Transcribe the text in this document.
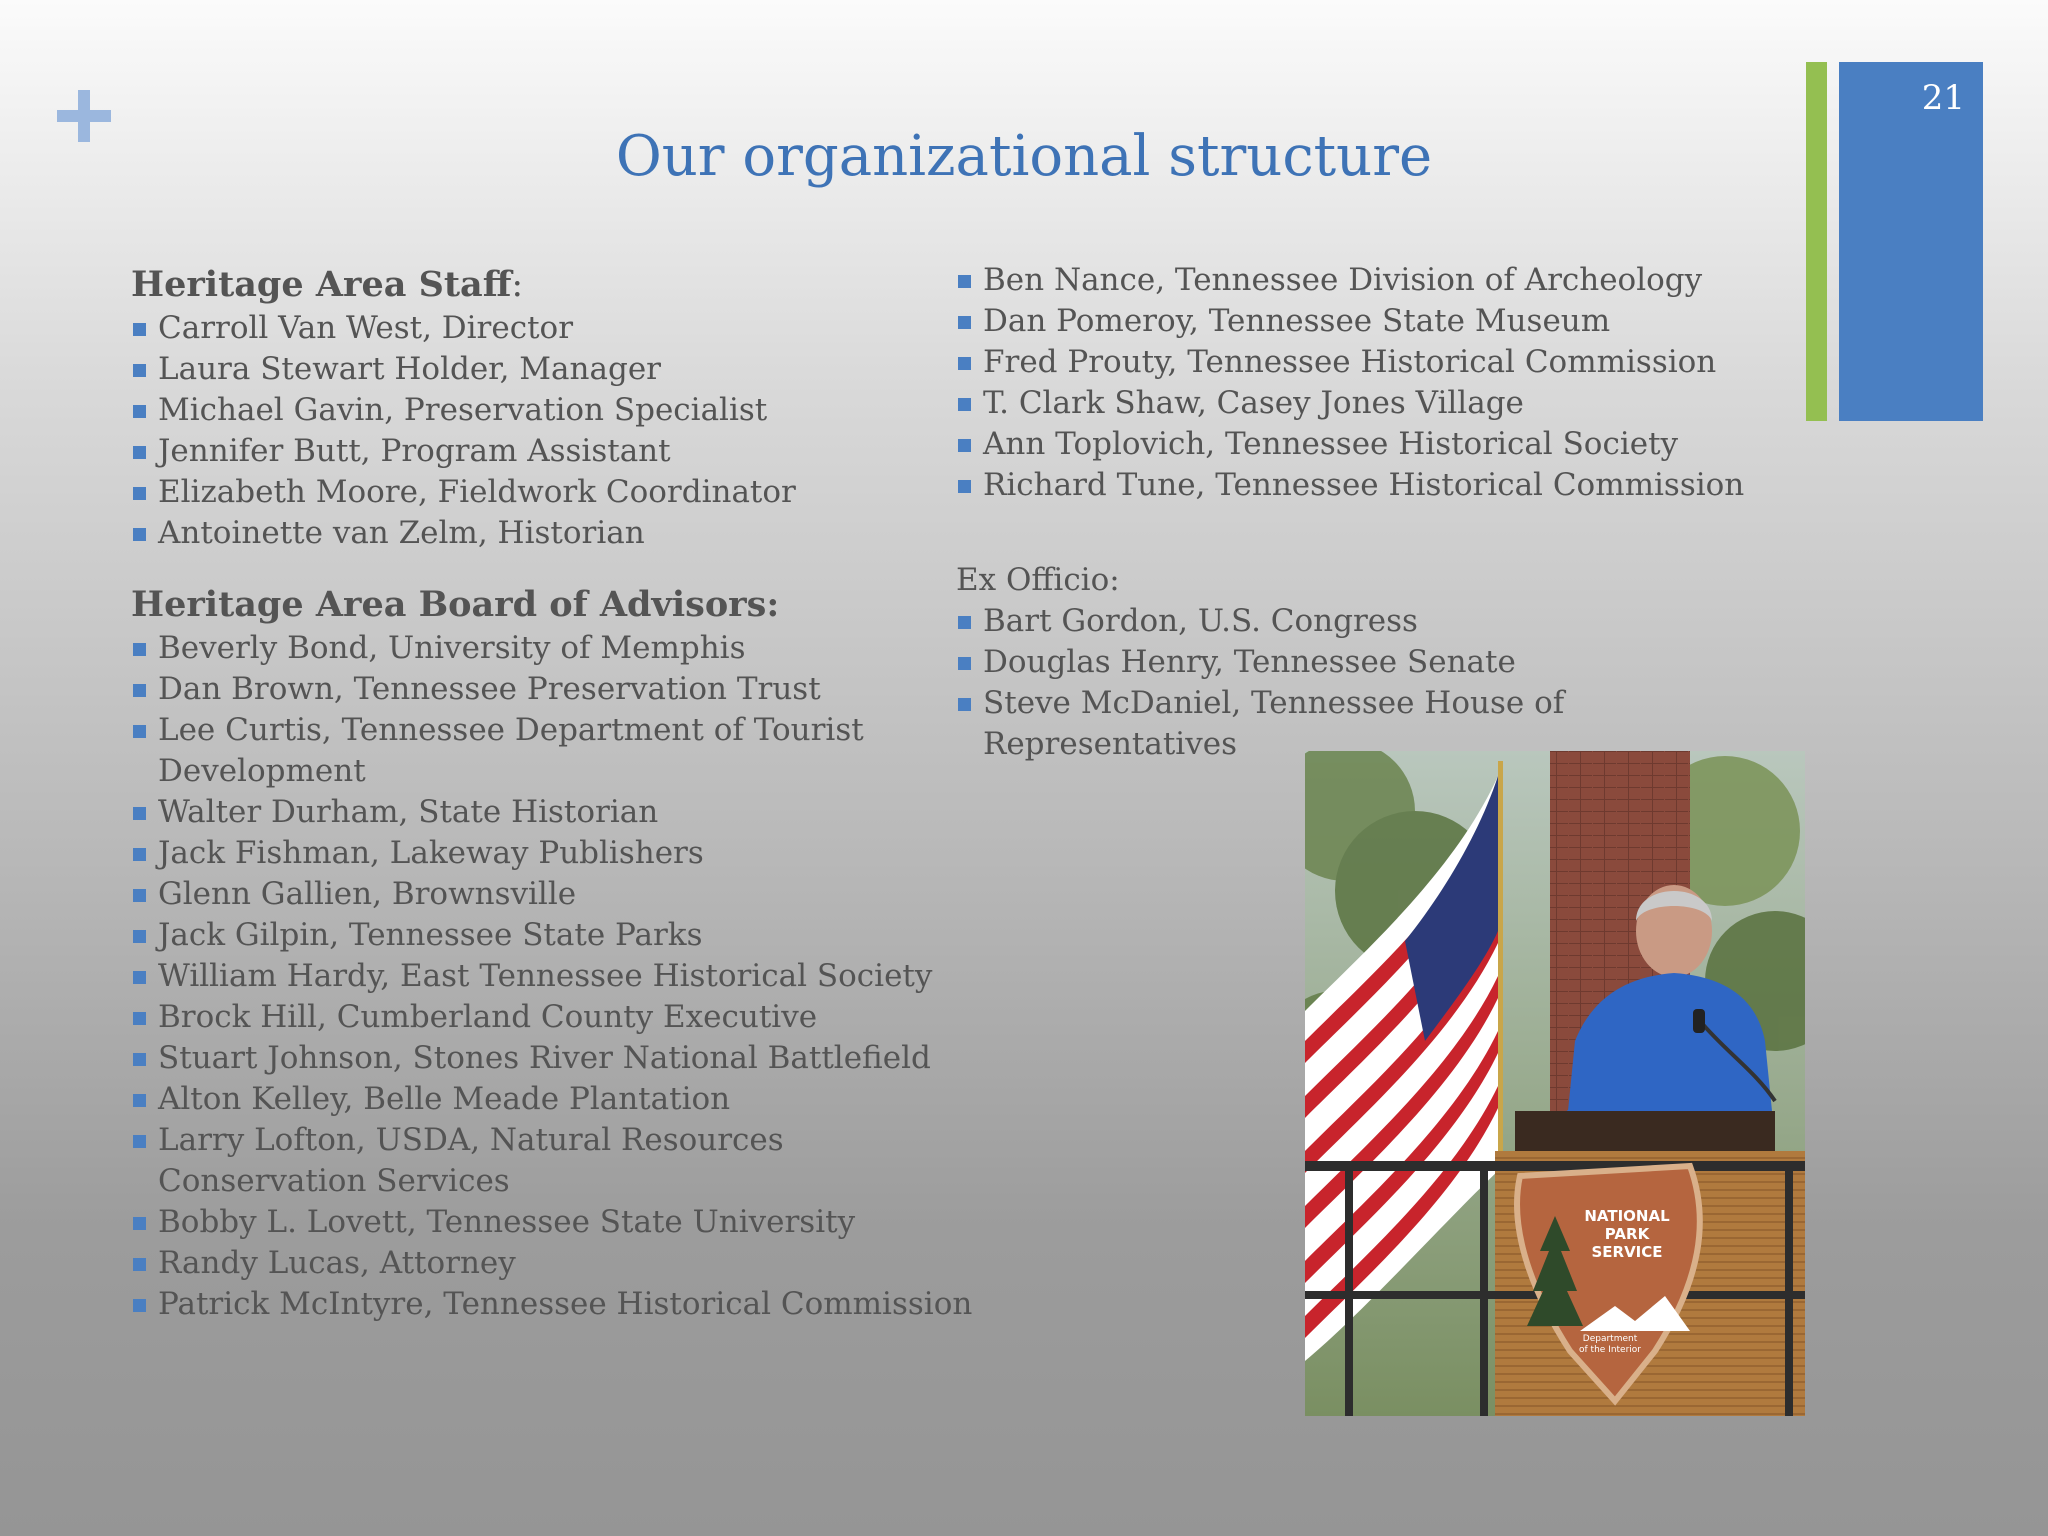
21
Our organizational structure
Heritage Area Staff:
Carroll Van West, Director
Laura Stewart Holder, Manager
Michael Gavin, Preservation Specialist
Jennifer Butt, Program Assistant
Elizabeth Moore, Fieldwork Coordinator
Antoinette van Zelm, Historian
Heritage Area Board of Advisors:
Beverly Bond, University of Memphis
Dan Brown, Tennessee Preservation Trust
Lee Curtis, Tennessee Department of Tourist Development
Walter Durham, State Historian
Jack Fishman, Lakeway Publishers
Glenn Gallien, Brownsville
Jack Gilpin, Tennessee State Parks
William Hardy, East Tennessee Historical Society
Brock Hill, Cumberland County Executive
Stuart Johnson, Stones River National Battlefield
Alton Kelley, Belle Meade Plantation
Larry Lofton, USDA, Natural Resources Conservation Services
Bobby L. Lovett, Tennessee State University
Randy Lucas, Attorney
Patrick McIntyre, Tennessee Historical Commission
Ben Nance, Tennessee Division of Archeology
Dan Pomeroy, Tennessee State Museum
Fred Prouty, Tennessee Historical Commission
T. Clark Shaw, Casey Jones Village
Ann Toplovich, Tennessee Historical Society
Richard Tune, Tennessee Historical Commission
Ex Officio:
Bart Gordon, U.S. Congress
Douglas Henry, Tennessee Senate
Steve McDaniel, Tennessee House of Representatives
NATIONAL
PARK
SERVICE
Department
of the Interior
